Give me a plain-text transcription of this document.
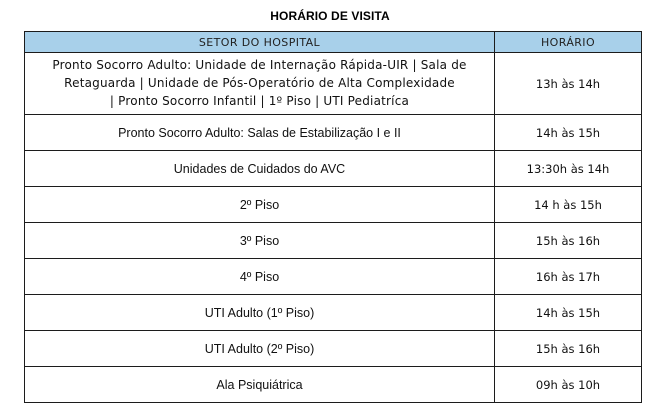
HORÁRIO DE VISITA
SETOR DO HOSPITAL	HORÁRIO

Pronto Socorro Adulto: Unidade de Internação Rápida-UIR | Sala de
Retaguarda | Unidade de Pós-Operatório de Alta Complexidade
| Pronto Socorro Infantil | 1º Piso | UTI Pediatríca	13h às 14h
Pronto Socorro Adulto: Salas de Estabilização I e II	14h às 15h
Unidades de Cuidados do AVC	13:30h às 14h
2º Piso	14 h às 15h
3º Piso	15h às 16h
4º Piso	16h às 17h
UTI Adulto (1º Piso)	14h às 15h
UTI Adulto (2º Piso)	15h às 16h
Ala Psiquiátrica	09h às 10h
